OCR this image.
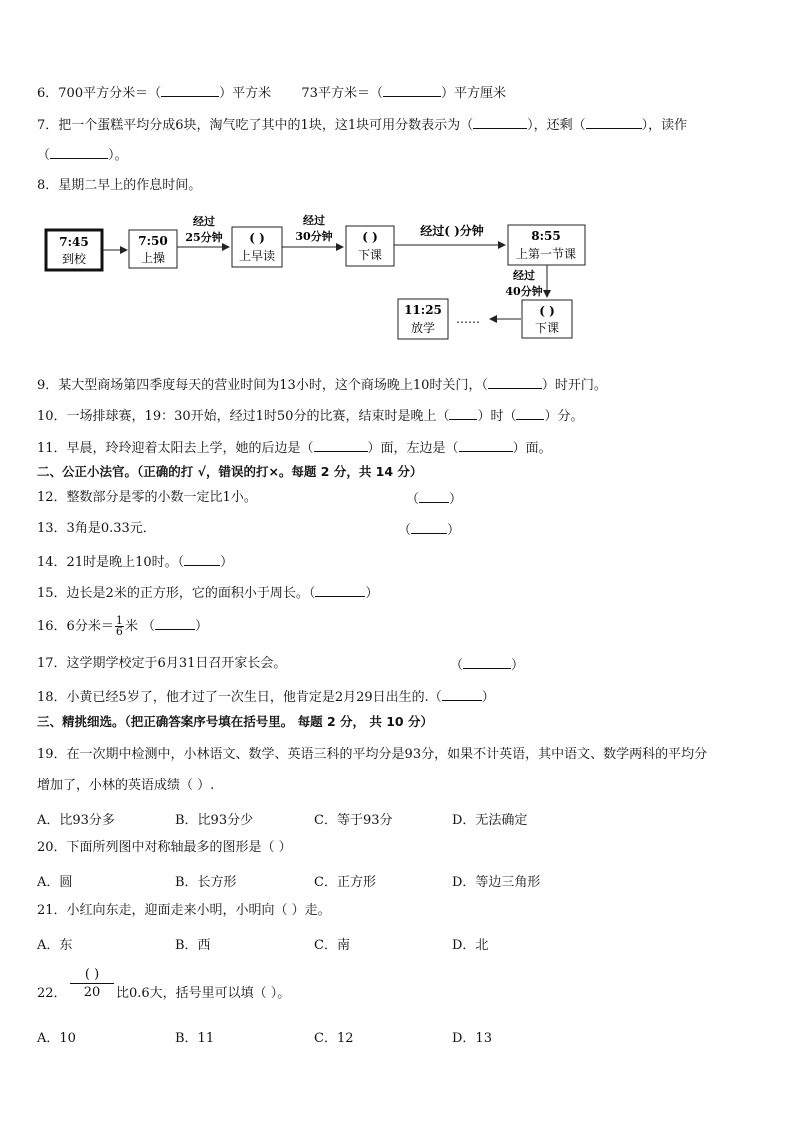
6．700平方分米＝（	）平方米 73平方米＝（	）平方厘米
7．把一个蛋糕平均分成6块，淘气吃了其中的1块，这1块可用分数表示为（	），还剩（	），读作
（	）。
8．星期二早上的作息时间。
7:45
到校
7:50
上操
经过
25分钟 ( )
上早读
经过
30分钟 ( )
下课
经过( )分钟	8:55
上第一节课
经过
40分钟
( )
下课
……
11:25
放学
9．某大型商场第四季度每天的营业时间为13小时，这个商场晚上10时关门，（	）时开门。
10．一场排球赛，19：30开始，经过1时50分的比赛，结束时是晚上（ ）时（ ）分。
11．早晨，玲玲迎着太阳去上学，她的后边是（	）面，左边是（	）面。
二、公正小法官。（正确的打 √，错误的打×。每题 2 分，共 14 分）
12．整数部分是零的小数一定比1小。	（ ）
13．3角是0.33元．	（	）
14．21时是晚上10时。（	）
15．边长是2米的正方形，它的面积小于周长。（	）
16．6分米＝ $\frac{1}{6}$ 米 （	）
17．这学期学校定于6月31日召开家长会。	（	）
18．小黄已经5岁了，他才过了一次生日，他肯定是2月29日出生的.（	）
三、精挑细选。（把正确答案序号填在括号里。 每题 2 分， 共 10 分）
19．在一次期中检测中，小林语文、数学、英语三科的平均分是93分，如果不计英语，其中语文、数学两科的平均分
增加了，小林的英语成绩（ ）.
A．比93分多	B．比93分少	C．等于93分	D．无法确定
20．下面所列图中对称轴最多的图形是（ ）
A．圆	B．长方形	C．正方形	D．等边三角形
21．小红向东走，迎面走来小明，小明向（ ）走。
A．东	B．西	C．南	D．北
22．
( )
20	比0.6大，括号里可以填（ ）。
A．10	B．11	C．12	D．13
